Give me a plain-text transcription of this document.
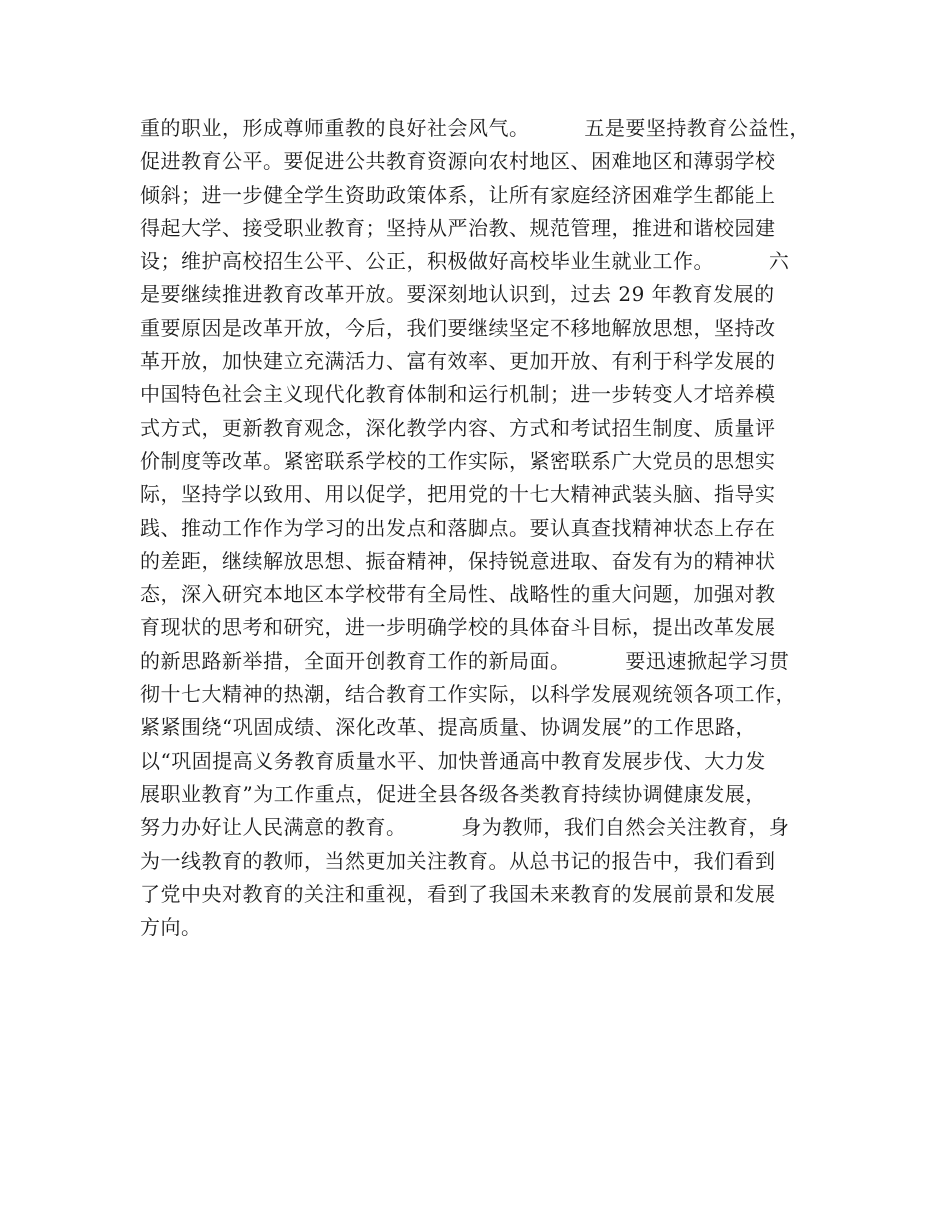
重的职业，形成尊师重教的良好社会风气。        五是要坚持教育公益性，
促进教育公平。要促进公共教育资源向农村地区、困难地区和薄弱学校
倾斜；进一步健全学生资助政策体系，让所有家庭经济困难学生都能上
得起大学、接受职业教育；坚持从严治教、规范管理，推进和谐校园建
设；维护高校招生公平、公正，积极做好高校毕业生就业工作。        六
是要继续推进教育改革开放。要深刻地认识到，过去 29 年教育发展的
重要原因是改革开放，今后，我们要继续坚定不移地解放思想，坚持改
革开放，加快建立充满活力、富有效率、更加开放、有利于科学发展的
中国特色社会主义现代化教育体制和运行机制；进一步转变人才培养模
式方式，更新教育观念，深化教学内容、方式和考试招生制度、质量评
价制度等改革。紧密联系学校的工作实际，紧密联系广大党员的思想实
际，坚持学以致用、用以促学，把用党的十七大精神武装头脑、指导实
践、推动工作作为学习的出发点和落脚点。要认真查找精神状态上存在
的差距，继续解放思想、振奋精神，保持锐意进取、奋发有为的精神状
态，深入研究本地区本学校带有全局性、战略性的重大问题，加强对教
育现状的思考和研究，进一步明确学校的具体奋斗目标，提出改革发展
的新思路新举措，全面开创教育工作的新局面。        要迅速掀起学习贯
彻十七大精神的热潮，结合教育工作实际，以科学发展观统领各项工作，
紧紧围绕“巩固成绩、深化改革、提高质量、协调发展”的工作思路，
以“巩固提高义务教育质量水平、加快普通高中教育发展步伐、大力发
展职业教育”为工作重点，促进全县各级各类教育持续协调健康发展，
努力办好让人民满意的教育。        身为教师，我们自然会关注教育，身
为一线教育的教师，当然更加关注教育。从总书记的报告中，我们看到
了党中央对教育的关注和重视，看到了我国未来教育的发展前景和发展
方向。
